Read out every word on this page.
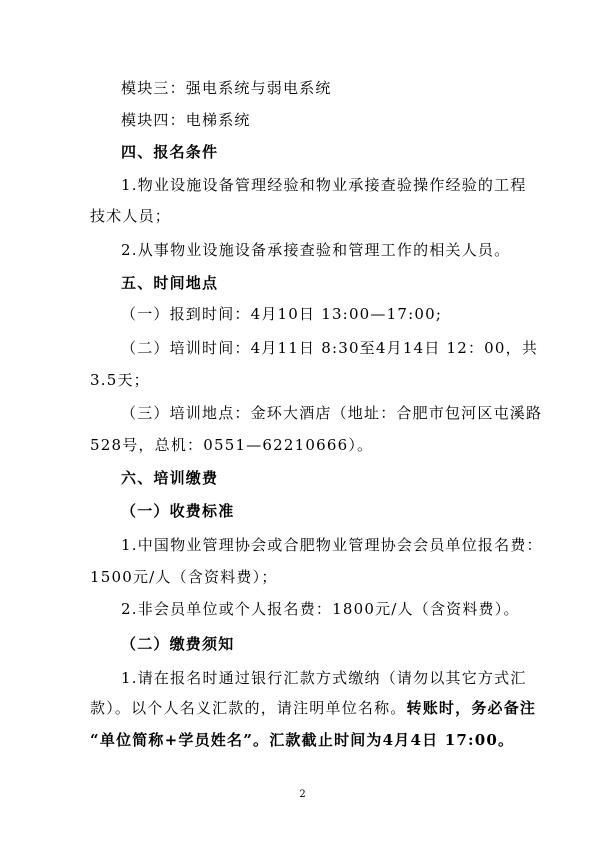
模块三：强电系统与弱电系统
模块四：电梯系统
四、报名条件
1.物业设施设备管理经验和物业承接查验操作经验的工程
技术人员；
2.从事物业设施设备承接查验和管理工作的相关人员。
五、时间地点
（一）报到时间：4月10日 13:00—17:00;
（二）培训时间：4月11日 8:30至4月14日 12：00，共
3.5天；
（三）培训地点：金环大酒店（地址：合肥市包河区屯溪路
528号，总机：0551—62210666）。
六、培训缴费
（一）收费标准
1.中国物业管理协会或合肥物业管理协会会员单位报名费：
1500元/人（含资料费）；
2.非会员单位或个人报名费：1800元/人（含资料费）。
（二）缴费须知
1.请在报名时通过银行汇款方式缴纳（请勿以其它方式汇
款）。以个人名义汇款的，请注明单位名称。转账时，务必备注
“单位简称+学员姓名”。汇款截止时间为4月4日 17:00。
2
